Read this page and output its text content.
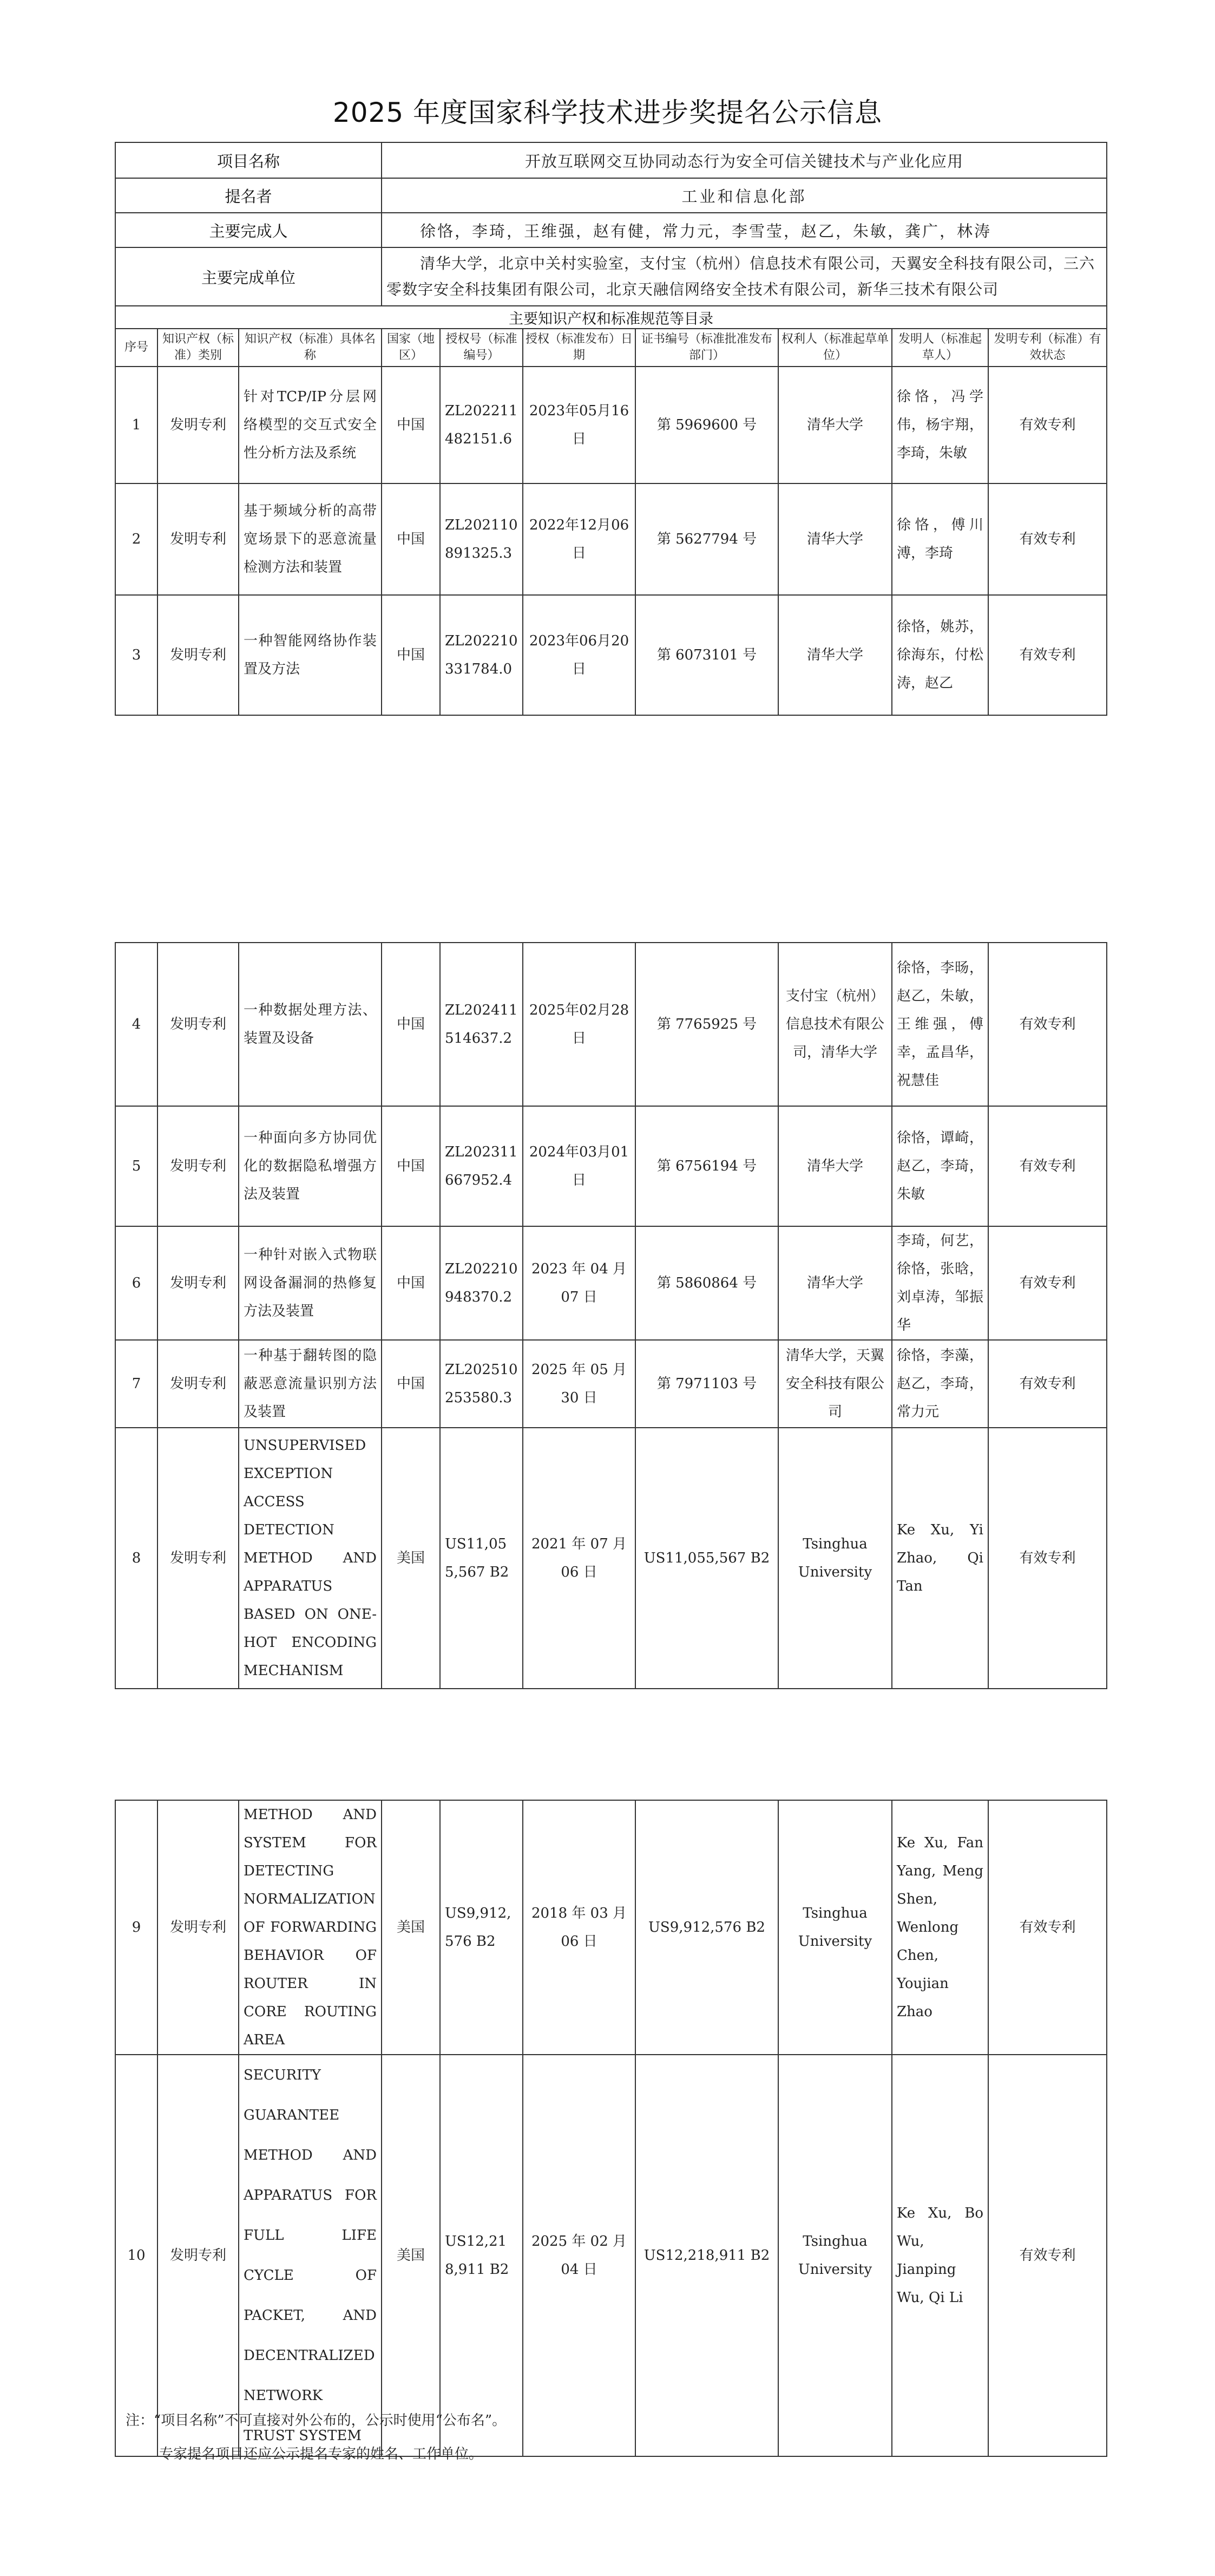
2025 年度国家科学技术进步奖提名公示信息
项目名称			开放互联网交互协同动态行为安全可信关键技术与产业化应用						
提名者			工业和信息化部						
主要完成人			徐恪，李琦，王维强，赵有健，常力元，李雪莹，赵乙，朱敏，龚广，林涛						
主要完成单位			清华大学，北京中关村实验室，支付宝（杭州）信息技术有限公司，天翼安全科技有限公司，三六零数字安全科技集团有限公司，北京天融信网络安全技术有限公司，新华三技术有限公司						
主要知识产权和标准规范等目录									
序号	知识产权（标准）类别	知识产权（标准）具体名称	国家（地区）	授权号（标准编号）	授权（标准发布）日期	证书编号（标准批准发布部门）	权利人（标准起草单位）	发明人（标准起草人）	发明专利（标准）有效状态
1	发明专利	针对TCP/IP分层网络模型的交互式安全性分析方法及系统	中国	ZL202211482151.6	2023年05月16日	第 5969600 号	清华大学	徐恪，冯学伟，杨宇翔，李琦，朱敏	有效专利
2	发明专利	基于频域分析的高带宽场景下的恶意流量检测方法和装置	中国	ZL202110891325.3	2022年12月06日	第 5627794 号	清华大学	徐恪，傅川溥，李琦	有效专利
3	发明专利	一种智能网络协作装置及方法	中国	ZL202210331784.0	2023年06月20日	第 6073101 号	清华大学	徐恪，姚苏，徐海东，付松涛，赵乙	有效专利
4	发明专利	一种数据处理方法、装置及设备	中国	ZL202411514637.2	2025年02月28日	第 7765925 号	支付宝（杭州）信息技术有限公司，清华大学	徐恪，李旸，赵乙，朱敏，王维强，傅幸，孟昌华，祝慧佳	有效专利
5	发明专利	一种面向多方协同优化的数据隐私增强方法及装置	中国	ZL202311667952.4	2024年03月01日	第 6756194 号	清华大学	徐恪，谭崎，赵乙，李琦，朱敏	有效专利
6	发明专利	一种针对嵌入式物联网设备漏洞的热修复方法及装置	中国	ZL202210948370.2	2023 年 04 月 07 日	第 5860864 号	清华大学	李琦，何艺，徐恪，张晗，刘卓涛，邹振华	有效专利
7	发明专利	一种基于翻转图的隐蔽恶意流量识别方法及装置	中国	ZL202510253580.3	2025 年 05 月 30 日	第 7971103 号	清华大学，天翼安全科技有限公司	徐恪，李藻，赵乙，李琦，常力元	有效专利
8	发明专利	UNSUPERVISED EXCEPTION ACCESS DETECTION METHOD AND APPARATUS BASED ON ONE-HOT ENCODING MECHANISM	美国	US11,055,567 B2	2021 年 07 月 06 日	US11,055,567 B2	Tsinghua University	Ke Xu, Yi Zhao, Qi Tan	有效专利
9	发明专利	METHOD AND SYSTEM FOR DETECTING NORMALIZATION OF FORWARDING BEHAVIOR OF ROUTER IN CORE ROUTING AREA	美国	US9,912,576 B2	2018 年 03 月 06 日	US9,912,576 B2	Tsinghua University	Ke Xu, Fan Yang, Meng Shen, Wenlong Chen, Youjian Zhao	有效专利
10	发明专利	SECURITY GUARANTEE METHOD AND APPARATUS FOR FULL LIFE CYCLE OF PACKET, AND DECENTRALIZED NETWORK TRUST SYSTEM	美国	US12,218,911 B2	2025 年 02 月 04 日	US12,218,911 B2	Tsinghua University	Ke Xu, Bo Wu, Jianping Wu, Qi Li	有效专利
注：“项目名称”不可直接对外公布的，公示时使用“公布名”。
专家提名项目还应公示提名专家的姓名、工作单位。
